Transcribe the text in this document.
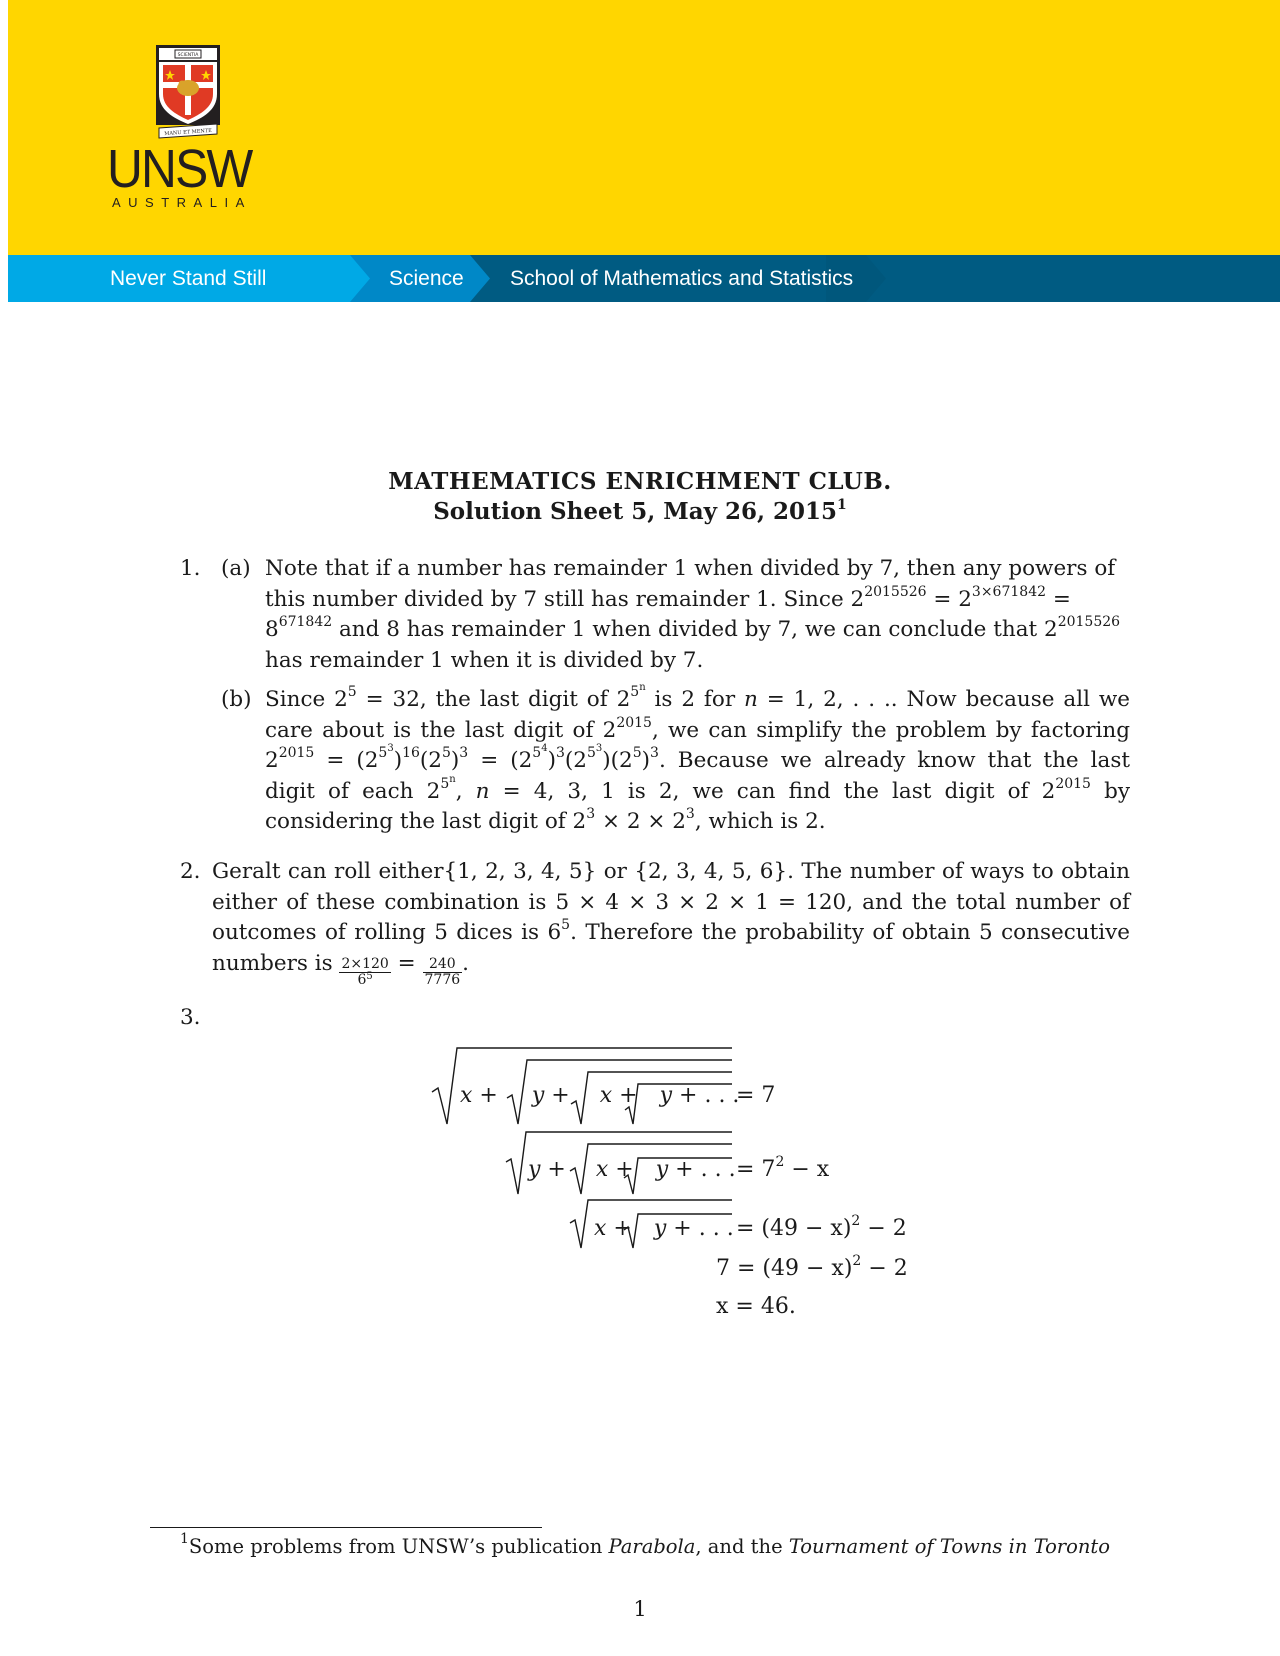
SCIENTIA
MANU ET MENTE
UNSW
AUSTRALIA
Never Stand Still	Science School of Mathematics and Statistics
MATHEMATICS ENRICHMENT CLUB.
Solution Sheet 5, May 26, 2015$^1$
1. (a) Note that if a number has remainder 1 when divided by 7, then any powers of this number divided by 7 still has remainder 1. Since $2^{2015526} = 2^{3\times 671842} = 8^{671842}$ and 8 has remainder 1 when divided by 7, we can conclude that $2^{2015526}$ has remainder 1 when it is divided by 7.
(b) Since $2^5 = 32$, the last digit of $2^{5^n}$ is 2 for n = 1, 2, . . .. Now because all we care about is the last digit of $2^{2015}$, we can simplify the problem by factoring $2^{2015} = (2^{5^3})^{16}(2^5)^3 = (2^{5^4})^3(2^{5^3})(2^5)^3$. Because we already know that the last digit of each $2^{5^n}$, n = 4, 3, 1 is 2, we can find the last digit of $2^{2015}$ by considering the last digit of $2^3 \times 2 \times 2^3$, which is 2.
2. Geralt can roll either{1, 2, 3, 4, 5} or {2, 3, 4, 5, 6}. The number of ways to obtain either of these combination is 5 × 4 × 3 × 2 × 1 = 120, and the total number of outcomes of rolling 5 dices is $6^5$. Therefore the probability of obtain 5 consecutive numbers is $\frac{2\times 120}{6^5} = \frac{240}{7776}$ .
3.
x + y + x + y + . . .
= 7
y + x + y + . . . = $7^2 - x$
x + y + . . . = $(49 - x)^2 - 2$
$7 = (49 - x)^2 - 2$
x = 46.
$^1$Some problems from UNSW’s publication Parabola, and the Tournament of Towns in Toronto
1
